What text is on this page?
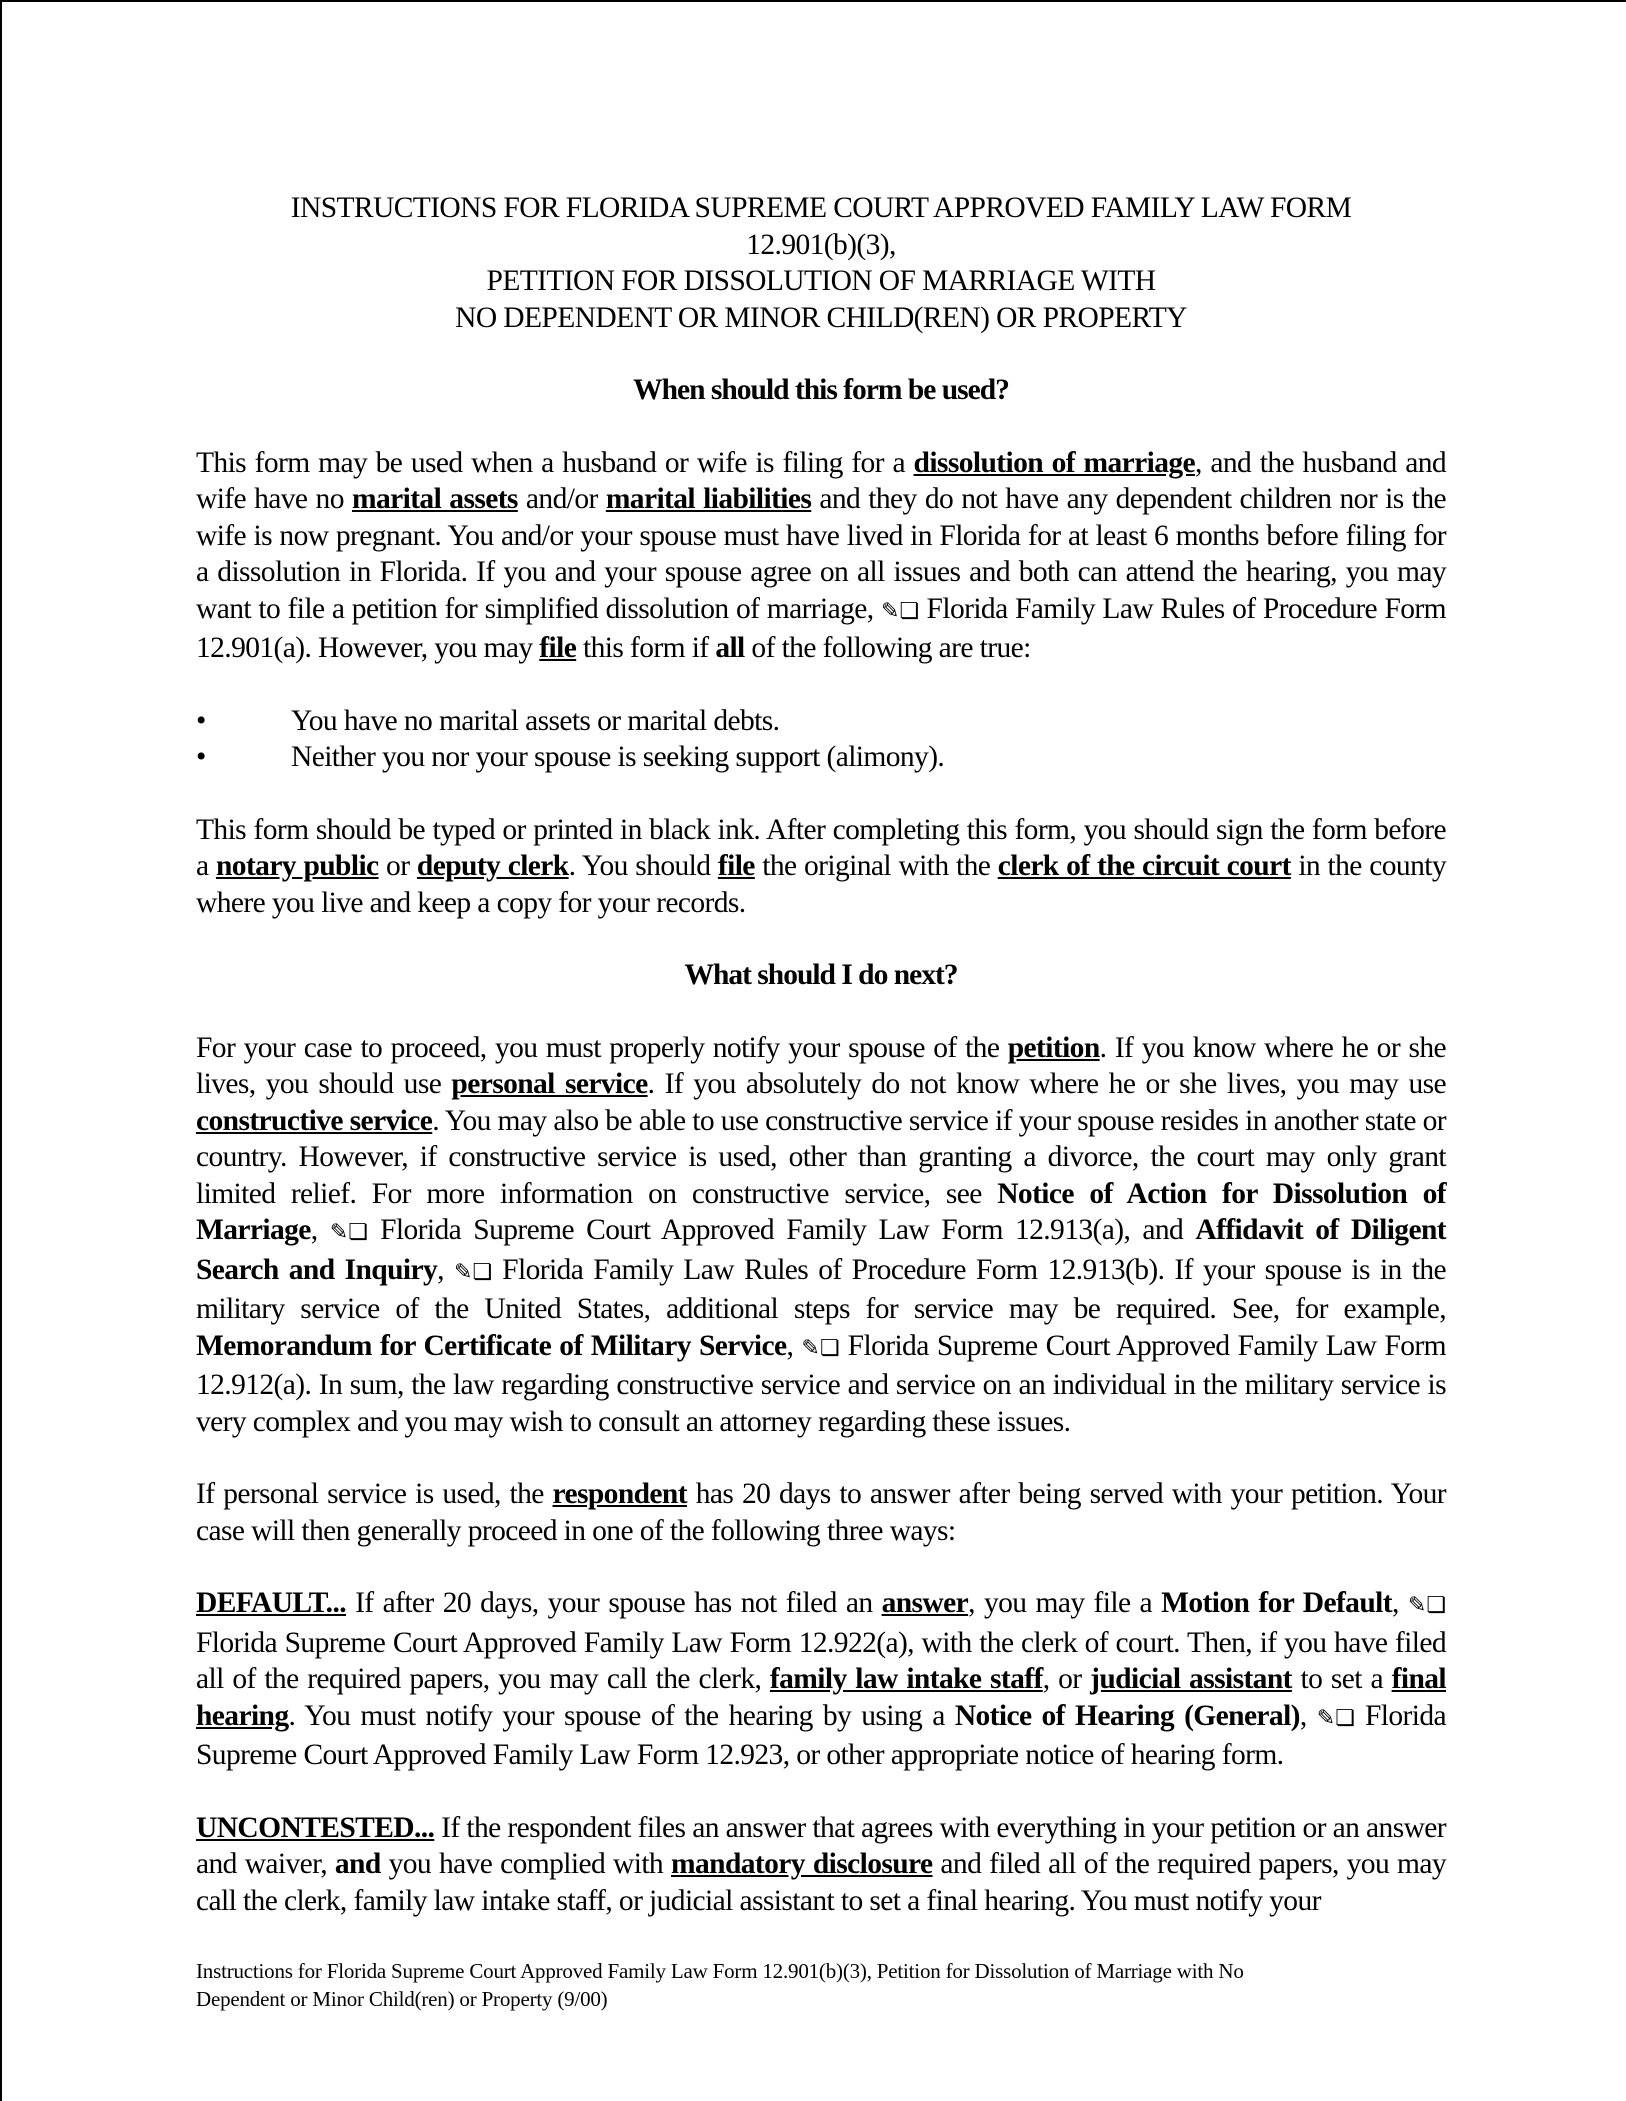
INSTRUCTIONS FOR FLORIDA SUPREME COURT APPROVED FAMILY LAW FORM
12.901(b)(3),
PETITION FOR DISSOLUTION OF MARRIAGE WITH
NO DEPENDENT OR MINOR CHILD(REN) OR PROPERTY
When should this form be used?

This form may be used when a husband or wife is filing for a dissolution of marriage, and the husband and wife have no marital assets and/or marital liabilities and they do not have any dependent children nor is the wife is now pregnant. You and/or your spouse must have lived in Florida for at least 6 months before filing for a dissolution in Florida. If you and your spouse agree on all issues and both can attend the hearing, you may want to file a petition for simplified dissolution of marriage, ✎❏ Florida Family Law Rules of Procedure Form 12.901(a). However, you may file this form if all of the following are true:

•	You have no marital assets or marital debts.
•	Neither you nor your spouse is seeking support (alimony).

This form should be typed or printed in black ink. After completing this form, you should sign the form before a notary public or deputy clerk. You should file the original with the clerk of the circuit court in the county where you live and keep a copy for your records.

What should I do next?

For your case to proceed, you must properly notify your spouse of the petition. If you know where he or she lives, you should use personal service. If you absolutely do not know where he or she lives, you may use constructive service. You may also be able to use constructive service if your spouse resides in another state or country. However, if constructive service is used, other than granting a divorce, the court may only grant limited relief. For more information on constructive service, see Notice of Action for Dissolution of Marriage, ✎❏ Florida Supreme Court Approved Family Law Form 12.913(a), and Affidavit of Diligent Search and Inquiry, ✎❏ Florida Family Law Rules of Procedure Form 12.913(b). If your spouse is in the military service of the United States, additional steps for service may be required. See, for example, Memorandum for Certificate of Military Service, ✎❏ Florida Supreme Court Approved Family Law Form 12.912(a). In sum, the law regarding constructive service and service on an individual in the military service is very complex and you may wish to consult an attorney regarding these issues.

If personal service is used, the respondent has 20 days to answer after being served with your petition. Your case will then generally proceed in one of the following three ways:

DEFAULT... If after 20 days, your spouse has not filed an answer, you may file a Motion for Default, ✎❏ Florida Supreme Court Approved Family Law Form 12.922(a), with the clerk of court. Then, if you have filed all of the required papers, you may call the clerk, family law intake staff, or judicial assistant to set a final hearing. You must notify your spouse of the hearing by using a Notice of Hearing (General), ✎❏ Florida Supreme Court Approved Family Law Form 12.923, or other appropriate notice of hearing form.

UNCONTESTED... If the respondent files an answer that agrees with everything in your petition or an answer and waiver, and you have complied with mandatory disclosure and filed all of the required papers, you may call the clerk, family law intake staff, or judicial assistant to set a final hearing. You must notify your

Instructions for Florida Supreme Court Approved Family Law Form 12.901(b)(3), Petition for Dissolution of Marriage with No
Dependent or Minor Child(ren) or Property (9/00)
